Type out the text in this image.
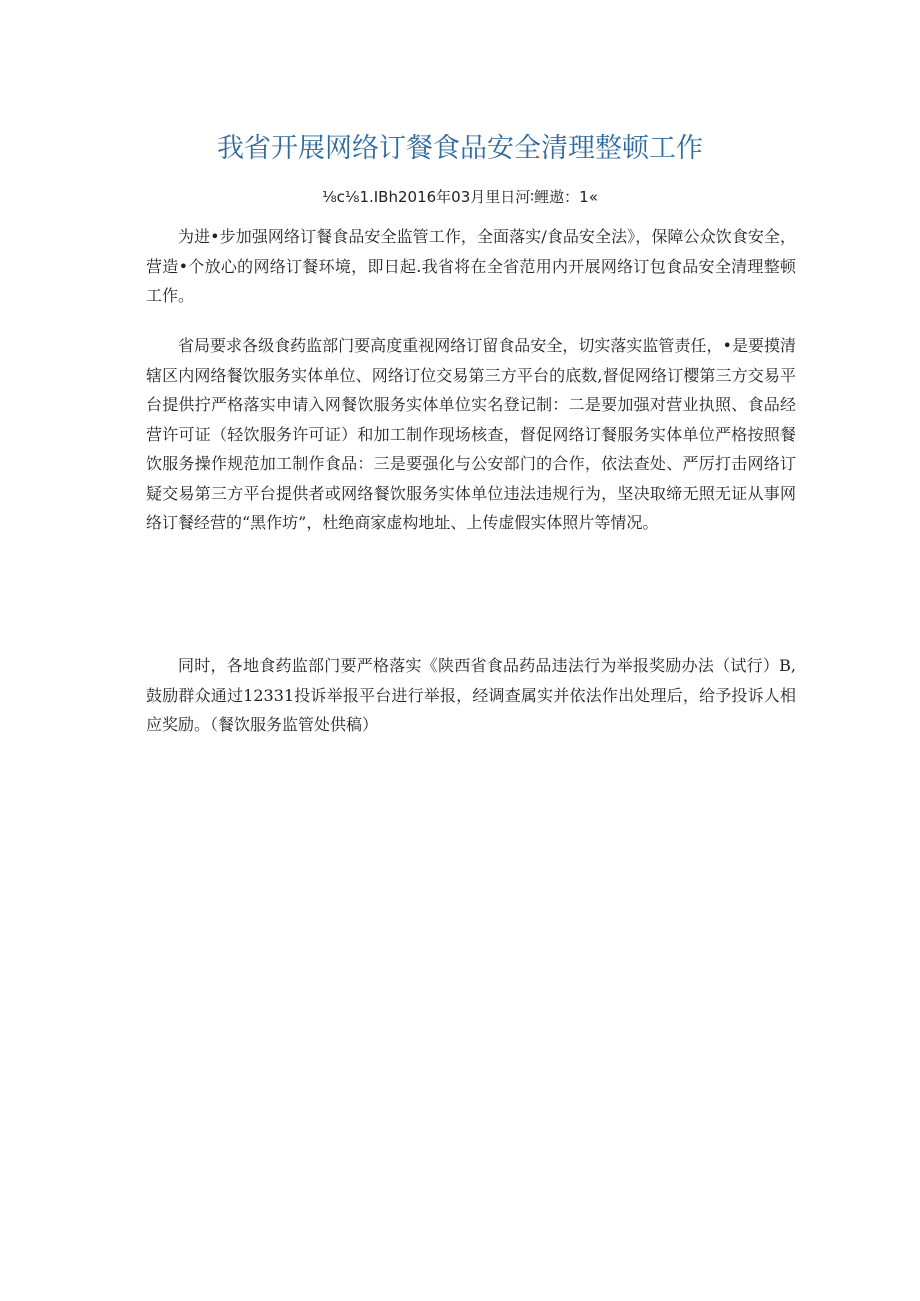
我省开展网络订餐食品安全清理整顿工作
⅛c⅛1.IBh2016年03月里日河∶鲤遨：1«

为进•步加强网络订餐食品安全监管工作，全面落实/食品安全法》，保障公众饮食安全，营造•个放心的网络订餐环境，即日起.我省将在全省范用内开展网络订包食品安全清理整顿工作。

省局要求各级食药监部门要高度重视网络订留食品安全，切实落实监管责任，•是要摸清辖区内网络餐饮服务实体单位、网络订位交易第三方平台的底数,督促网络订樱第三方交易平台提供拧严格落实申请入网餐饮服务实体单位实名登记制：二是要加强对营业执照、食品经营许可证（轻饮服务许可证）和加工制作现场核查，督促网络订餐服务实体单位严格按照餐饮服务操作规范加工制作食品：三是要强化与公安部门的合作，依法查处、严厉打击网络订疑交易第三方平台提供者或网络餐饮服务实体单位违法违规行为，坚决取缔无照无证从事网络订餐经营的“黑作坊”，杜绝商家虚构地址、上传虚假实体照片等情况。

同时，各地食药监部门要严格落实《陕西省食品药品违法行为举报奖励办法（试行）B,鼓励群众通过12331投诉举报平台进行举报，经调查属实并依法作出处理后，给予投诉人相应奖励。（餐饮服务监管处供稿）
